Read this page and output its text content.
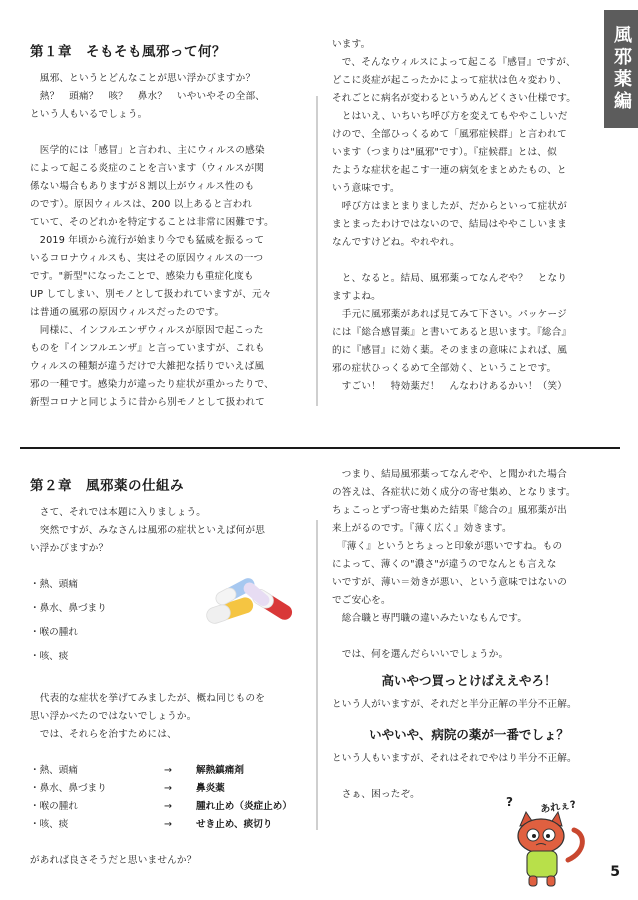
風邪薬編
第１章　そもそも風邪って何？

　風邪、というとどんなことが思い浮かびますか？

　熱？　頭痛？　咳？　鼻水？　いやいやその全部、

という人もいるでしょう。

　医学的には「感冒」と言われ、主にウィルスの感染

によって起こる炎症のことを言います（ウィルスが関

係ない場合もありますが８割以上がウィルス性のも

のです）。原因ウィルスは、200 以上あると言われ

ていて、そのどれかを特定することは非常に困難です。

　2019 年頃から流行が始まり今でも猛威を振るって

いるコロナウィルスも、実はその原因ウィルスの一つ

です。"新型"になったことで、感染力も重症化度も

UP してしまい、別モノとして扱われていますが、元々

は普通の風邪の原因ウィルスだったのです。

　同様に、インフルエンザウィルスが原因で起こった

ものを『インフルエンザ』と言っていますが、これも

ウィルスの種類が違うだけで大雑把な括りでいえば風

邪の一種です。感染力が違ったり症状が重かったりで、

新型コロナと同じように昔から別モノとして扱われて

います。

　で、そんなウィルスによって起こる『感冒』ですが、

どこに炎症が起こったかによって症状は色々変わり、

それごとに病名が変わるというめんどくさい仕様です。

　とはいえ、いちいち呼び方を変えてもややこしいだ

けので、全部ひっくるめて「風邪症候群」と言われて

います（つまりは"風邪"です）。『症候群』とは、似

たような症状を起こす一連の病気をまとめたもの、と

いう意味です。

　呼び方はまとまりましたが、だからといって症状が

まとまったわけではないので、結局はややこしいまま

なんですけどね。やれやれ。

　と、なると。結局、風邪薬ってなんぞや？　となり

ますよね。

　手元に風邪薬があれば見てみて下さい。パッケージ

には『総合感冒薬』と書いてあると思います。『総合』

的に『感冒』に効く薬。そのままの意味によれば、風

邪の症状ひっくるめて全部効く、ということです。

　すごい！　特効薬だ！　んなわけあるかい！（笑）

第２章　風邪薬の仕組み

　さて、それでは本題に入りましょう。

　突然ですが、みなさんは風邪の症状といえば何が思

い浮かびますか？

・熱、頭痛
・鼻水、鼻づまり
・喉の腫れ
・咳、痰

　代表的な症状を挙げてみましたが、概ね同じものを

思い浮かべたのではないでしょうか。

　では、それらを治すためには、

・熱、頭痛	→	解熱鎮痛剤
・鼻水、鼻づまり	→	鼻炎薬
・喉の腫れ	→	腫れ止め（炎症止め）
・咳、痰	→	せき止め、痰切り

があれば良さそうだと思いませんか？

　つまり、結局風邪薬ってなんぞや、と聞かれた場合

の答えは、各症状に効く成分の寄せ集め、となります。

ちょこっとずつ寄せ集めた結果『総合の』風邪薬が出

来上がるのです。『薄く広く』効きます。

　『薄く』というとちょっと印象が悪いですね。もの

によって、薄くの"濃さ"が違うのでなんとも言えな

いですが、薄い＝効きが悪い、という意味ではないの

でご安心を。

　総合職と専門職の違いみたいなもんです。

　では、何を選んだらいいでしょうか。

高いやつ買っとけばええやろ！

という人がいますが、それだと半分正解の半分不正解。

いやいや、病院の薬が一番でしょ？

という人もいますが、それはそれでやはり半分不正解。

　さぁ、困ったぞ。

?	あれぇ?
5
